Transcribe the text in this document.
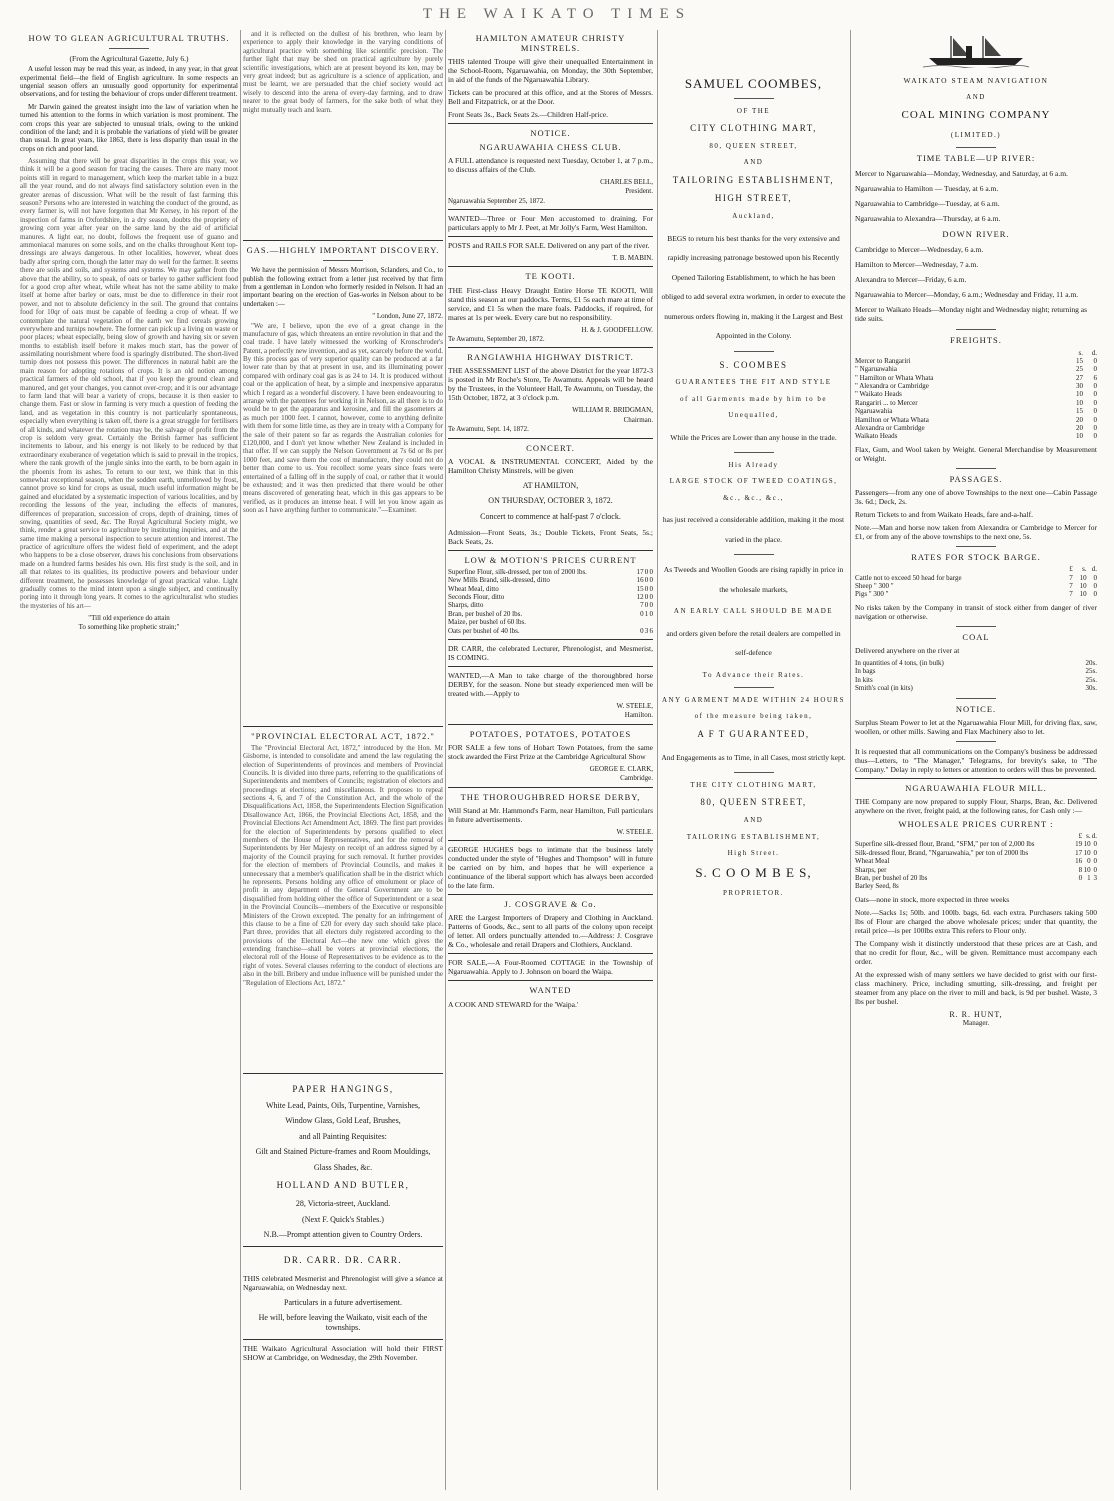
THE WAIKATO TIMES
HOW TO GLEAN AGRICULTURAL TRUTHS.
(From the Agricultural Gazette, July 6.)

A useful lesson may be read this year, as indeed, in any year, in that great experimental field—the field of English agriculture. In some respects an ungenial season offers an unusually good opportunity for experimental observations, and for testing the behaviour of crops under different treatment.

Mr Darwin gained the greatest insight into the law of variation when he turned his attention to the forms in which variation is most prominent. The corn crops this year are subjected to unusual trials, owing to the unkind condition of the land; and it is probable the variations of yield will be greater than usual. In great years, like 1863, there is less disparity than usual in the crops on rich and poor land.

Assuming that there will be great disparities in the crops this year, we think it will be a good season for tracing the causes. There are many moot points still in regard to management, which keep the market table in a buzz all the year round, and do not always find satisfactory solution even in the greater arenas of discussion. What will be the result of fast farming this season? Persons who are interested in watching the conduct of the ground, as every farmer is, will not have forgotten that Mr Kersey, in his report of the inspection of farms in Oxfordshire, in a dry season, doubts the propriety of growing corn year after year on the same land by the aid of artificial manures. A light ear, no doubt, follows the frequent use of guano and ammoniacal manures on some soils, and on the chalks throughout Kent top-dressings are always dangerous. In other localities, however, wheat does badly after spring corn, though the latter may do well for the farmer. It seems there are soils and soils, and systems and systems. We may gather from the above that the ability, so to speak, of oats or barley to gather sufficient food for a good crop after wheat, while wheat has not the same ability to make itself at home after barley or oats, must be due to difference in their root power, and not to absolute deficiency in the soil. The ground that contains food for 10qr of oats must be capable of feeding a crop of wheat. If we contemplate the natural vegetation of the earth we find cereals growing everywhere and turnips nowhere. The former can pick up a living on waste or poor places; wheat especially, being slow of growth and having six or seven months to establish itself before it makes much start, has the power of assimilating nourishment where food is sparingly distributed. The short-lived turnip does not possess this power. The differences in natural habit are the main reason for adopting rotations of crops. It is an old notion among practical farmers of the old school, that if you keep the ground clean and manured, and get your changes, you cannot over-crop; and it is our advantage to farm land that will bear a variety of crops, because it is then easier to change them. Fast or slow in farming is very much a question of feeding the land, and as vegetation in this country is not particularly spontaneous, especially when everything is taken off, there is a great struggle for fertilisers of all kinds, and whatever the rotation may be, the salvage of profit from the crop is seldom very great. Certainly the British farmer has sufficient incitements to labour, and his energy is not likely to be reduced by that extraordinary exuberance of vegetation which is said to prevail in the tropics, where the rank growth of the jungle sinks into the earth, to be born again in the phoenix from its ashes. To return to our text, we think that in this somewhat exceptional season, when the sodden earth, unmellowed by frost, cannot prove so kind for crops as usual, much useful information might be gained and elucidated by a systematic inspection of various localities, and by recording the lessons of the year, including the effects of manures, differences of preparation, succession of crops, depth of draining, times of sowing, quantities of seed, &c. The Royal Agricultural Society might, we think, render a great service to agriculture by instituting inquiries, and at the same time making a personal inspection to secure attention and interest. The practice of agriculture offers the widest field of experiment, and the adept who happens to be a close observer, draws his conclusions from observations made on a hundred farms besides his own. His first study is the soil, and in all that relates to its qualities, its productive powers and behaviour under different treatment, he possesses knowledge of great practical value. Light gradually comes to the mind intent upon a single subject, and continually poring into it through long years. It comes to the agriculturalist who studies the mysteries of his art—

"Till old experience do attain
To something like prophetic strain;"

and it is reflected on the dullest of his brethren, who learn by experience to apply their knowledge in the varying conditions of agricultural practice with something like scientific precision. The further light that may be shed on practical agriculture by purely scientific investigations, which are at present beyond its ken, may be very great indeed; but as agriculture is a science of application, and must be learnt, we are persuaded that the chief society would act wisely to descend into the arena of every-day farming, and to draw nearer to the great body of farmers, for the sake both of what they might mutually teach and learn.

GAS.—HIGHLY IMPORTANT DISCOVERY.

We have the permission of Messrs Morrison, Sclanders, and Co., to publish the following extract from a letter just received by that firm from a gentleman in London who formerly resided in Nelson. It had an important bearing on the erection of Gas-works in Nelson about to be undertaken :—

" London, June 27, 1872.

"We are, I believe, upon the eve of a great change in the manufacture of gas, which threatens an entire revolution in that and the coal trade. I have lately witnessed the working of Kronschroder's Patent, a perfectly new invention, and as yet, scarcely before the world. By this process gas of very superior quality can be produced at a far lower rate than by that at present in use, and its illuminating power compared with ordinary coal gas is as 24 to 14. It is produced without coal or the application of heat, by a simple and inexpensive apparatus which I regard as a wonderful discovery. I have been endeavouring to arrange with the patentees for working it in Nelson, as all there is to do would be to get the apparatus and kerosine, and fill the gasometers at as much per 1000 feet. I cannot, however, come to anything definite with them for some little time, as they are in treaty with a Company for the sale of their patent so far as regards the Australian colonies for £120,000, and I don't yet know whether New Zealand is included in that offer. If we can supply the Nelson Government at 7s 6d or 8s per 1000 feet, and save them the cost of manufacture, they could not do better than come to us. You recollect some years since fears were entertained of a falling off in the supply of coal, or rather that it would be exhausted; and it was then predicted that there would be other means discovered of generating heat, which in this gas appears to be verified, as it produces an intense heat. I will let you know again as soon as I have anything further to communicate."—Examiner.

"PROVINCIAL ELECTORAL ACT, 1872."

The "Provincial Electoral Act, 1872," introduced by the Hon. Mr Gisborne, is intended to consolidate and amend the law regulating the election of Superintendents of provinces and members of Provincial Councils. It is divided into three parts, referring to the qualifications of Superintendents and members of Councils; registration of electors and proceedings at elections; and miscellaneous. It proposes to repeal sections 4, 6, and 7 of the Constitution Act, and the whole of the Disqualifications Act, 1858, the Superintendents Election Signification Disallowance Act, 1866, the Provincial Elections Act, 1858, and the Provincial Elections Act Amendment Act, 1869. The first part provides for the election of Superintendents by persons qualified to elect members of the House of Representatives, and for the removal of Superintendents by Her Majesty on receipt of an address signed by a majority of the Council praying for such removal. It further provides for the election of members of Provincial Councils, and makes it unnecessary that a member's qualification shall be in the district which he represents. Persons holding any office of emolument or place of profit in any department of the General Government are to be disqualified from holding either the office of Superintendent or a seat in the Provincial Councils—members of the Executive or responsible Ministers of the Crown excepted. The penalty for an infringement of this clause to be a fine of £20 for every day such should take place. Part three, provides that all electors duly registered according to the provisions of the Electoral Act—the new one which gives the extending franchise—shall be voters at provincial elections, the electoral roll of the House of Representatives to be evidence as to the right of votes. Several clauses referring to the conduct of elections are also in the bill. Bribery and undue influence will be punished under the "Regulation of Elections Act, 1872."

PAPER HANGINGS,
White Lead, Paints, Oils, Turpentine, Varnishes,
Window Glass, Gold Leaf, Brushes,
and all Painting Requisites:
Gilt and Stained Picture-frames and Room Mouldings,
Glass Shades, &c.
HOLLAND AND BUTLER,
28, Victoria-street, Auckland.
(Next F. Quick's Stables.)
N.B.—Prompt attention given to Country Orders.
DR. CARR. DR. CARR.

THIS celebrated Mesmerist and Phrenologist will give a séance at Ngaruawahia, on Wednesday next.

Particulars in a future advertisement.
He will, before leaving the Waikato, visit each of the townships.

THE Waikato Agricultural Association will hold their FIRST SHOW at Cambridge, on Wednesday, the 29th November.

HAMILTON AMATEUR CHRISTY MINSTRELS.

THIS talented Troupe will give their unequalled Entertainment in the School-Room, Ngaruawahia, on Monday, the 30th September, in aid of the funds of the Ngaruawahia Library.

Tickets can be procured at this office, and at the Stores of Messrs. Bell and Fitzpatrick, or at the Door.

Front Seats 3s., Back Seats 2s.—Children Half-price.

NOTICE.
NGARUAWAHIA CHESS CLUB.

A FULL attendance is requested next Tuesday, October 1, at 7 p.m., to discuss affairs of the Club.

CHARLES BELL,
President.
Ngaruawahia September 25, 1872.

WANTED—Three or Four Men accustomed to draining. For particulars apply to Mr J. Peet, at Mr Jolly's Farm, West Hamilton.

POSTS and RAILS FOR SALE. Delivered on any part of the river.

T. B. MABIN.
TE KOOTI.

THE First-class Heavy Draught Entire Horse TE KOOTI, Will stand this season at our paddocks. Terms, £1 5s each mare at time of service, and £1 5s when the mare foals. Paddocks, if required, for mares at 1s per week. Every care but no responsibility.

H. & J. GOODFELLOW.
Te Awamutu, September 20, 1872.
RANGIAWHIA HIGHWAY DISTRICT.

THE ASSESSMENT LIST of the above District for the year 1872-3 is posted in Mr Roche's Store, Te Awamutu. Appeals will be heard by the Trustees, in the Volunteer Hall, Te Awamutu, on Tuesday, the 15th October, 1872, at 3 o'clock p.m.

WILLIAM R. BRIDGMAN,
Chairman.
Te Awamutu, Sept. 14, 1872.
CONCERT.

A VOCAL & INSTRUMENTAL CONCERT, Aided by the Hamilton Christy Minstrels, will be given

AT HAMILTON,
ON THURSDAY, OCTOBER 3, 1872.
Concert to commence at half-past 7 o'clock.

Admission—Front Seats, 3s.; Double Tickets, Front Seats, 5s.; Back Seats, 2s.

LOW & MOTION'S PRICES CURRENT
Superfine Flour, silk-dressed, per ton of 2000 lbs.	17	0	0
New Mills Brand, silk-dressed, ditto	16	0	0
Wheat Meal, ditto	15	0	0
Seconds Flour, ditto	12	0	0
Sharps, ditto	7	0	0
Bran, per bushel of 20 lbs.	0	1	0
Maize, per bushel of 60 lbs.			
Oats per bushel of 40 lbs.	0	3	6

DR CARR, the celebrated Lecturer, Phrenologist, and Mesmerist, IS COMING.

WANTED,—A Man to take charge of the thoroughbred horse DERBY, for the season. None but steady experienced men will be treated with.—Apply to

W. STEELE,
Hamilton.
POTATOES, POTATOES, POTATOES

FOR SALE a few tons of Hobart Town Potatoes, from the same stock awarded the First Prize at the Cambridge Agricultural Show

GEORGE E. CLARK,
Cambridge.
THE THOROUGHBRED HORSE DERBY,

Will Stand at Mr. Hammond's Farm, near Hamilton, Full particulars in future advertisements.

W. STEELE.

GEORGE HUGHES begs to intimate that the business lately conducted under the style of "Hughes and Thompson" will in future be carried on by him, and hopes that he will experience a continuance of the liberal support which has always been accorded to the late firm.

J. COSGRAVE & Co.

ARE the Largest Importers of Drapery and Clothing in Auckland. Patterns of Goods, &c., sent to all parts of the colony upon receipt of letter. All orders punctually attended to.—Address: J. Cosgrave & Co., wholesale and retail Drapers and Clothiers, Auckland.

FOR SALE,—A Four-Roomed COTTAGE in the Township of Ngaruawahia. Apply to J. Johnson on board the Waipa.

WANTED

A COOK AND STEWARD for the 'Waipa.'

SAMUEL COOMBES,
OF THE
CITY CLOTHING MART,
80, QUEEN STREET,
AND
TAILORING ESTABLISHMENT,
HIGH STREET,
Auckland,

BEGS to return his best thanks for the very extensive and rapidly increasing patronage bestowed upon his Recently Opened Tailoring Establishment, to which he has been obliged to add several extra workmen, in order to execute the numerous orders flowing in, making it the Largest and Best Appointed in the Colony.

S. COOMBES
GUARANTEES THE FIT AND STYLE
of all Garments made by him to be
Unequalled,

While the Prices are Lower than any house in the trade.

His Already
LARGE STOCK OF TWEED COATINGS,
&c., &c., &c.,

has just received a considerable addition, making it the most varied in the place.

As Tweeds and Woollen Goods are rising rapidly in price in the wholesale markets,

AN EARLY CALL SHOULD BE MADE

and orders given before the retail dealers are compelled in self-defence

To Advance their Rates.
ANY GARMENT MADE WITHIN 24 HOURS
of the measure being taken,
A F T GUARANTEED,

And Engagements as to Time, in all Cases, most strictly kept.

THE CITY CLOTHING MART,
80, QUEEN STREET,
AND
TAILORING ESTABLISHMENT,
High Street.
S. C O O M B E S,
PROPRIETOR.
WAIKATO STEAM NAVIGATION
AND
COAL MINING COMPANY
(LIMITED.)
TIME TABLE—UP RIVER:
Mercer to Ngaruawahia—Monday, Wednesday, and Saturday, at 6 a.m.
Ngaruawahia to Hamilton — Tuesday, at 6 a.m.
Ngaruawahia to Cambridge—Tuesday, at 6 a.m.
Ngaruawahia to Alexandra—Thursday, at 6 a.m.
DOWN RIVER.
Cambridge to Mercer—Wednesday, 6 a.m.
Hamilton to Mercer—Wednesday, 7 a.m.
Alexandra to Mercer—Friday, 6 a.m.
Ngaruawahia to Mercer—Monday, 6 a.m.; Wednesday and Friday, 11 a.m.
Mercer to Waikato Heads—Monday night and Wednesday night; returning as tide suits.
FREIGHTS.
	s.	d.
Mercer to Rangariri	15	0
" Ngaruawahia	25	0
" Hamilton or Whata Whata	27	6
" Alexandra or Cambridge	30	0
" Waikato Heads	10	0
Rangariri ... to Mercer	10	0
Ngaruawahia	15	0
Hamilton or Whata Whata	20	0
Alexandra or Cambridge	20	0
Waikato Heads	10	0

Flax, Gum, and Wool taken by Weight. General Merchandise by Measurement or Weight.

PASSAGES.

Passengers—from any one of above Townships to the next one—Cabin Passage 3s. 6d.; Deck, 2s.

Return Tickets to and from Waikato Heads, fare and-a-half.

Note.—Man and horse now taken from Alexandra or Cambridge to Mercer for £1, or from any of the above townships to the next one, 5s.

RATES FOR STOCK BARGE.
	£	s.	d.
Cattle not to exceed 50 head for barge	7	10	0
Sheep " 300 "	7	10	0
Pigs " 300 "	7	10	0

No risks taken by the Company in transit of stock either from danger of river navigation or otherwise.

COAL
Delivered anywhere on the river at
In quantities of 4 tons, (in bulk)	20s.
In bags	25s.
In kits	25s.
Smith's coal (in kits)	30s.
NOTICE.

Surplus Steam Power to let at the Ngaruawahia Flour Mill, for driving flax, saw, woollen, or other mills. Sawing and Flax Machinery also to let.

It is requested that all communications on the Company's business be addressed thus—Letters, to "The Manager," Telegrams, for brevity's sake, to "The Company." Delay in reply to letters or attention to orders will thus be prevented.

NGARUAWAHIA FLOUR MILL.

THE Company are now prepared to supply Flour, Sharps, Bran, &c. Delivered anywhere on the river, freight paid, at the following rates, for Cash only :—

WHOLESALE PRICES CURRENT :
	£	s.	d.
Superfine silk-dressed flour, Brand, "SFM," per ton of 2,000 lbs	19	10	0
Silk-dressed flour, Brand, "Ngaruawahia," per ton of 2000 lbs	17	10	0
Wheat Meal	16	0	0
Sharps, per	8	10	0
Bran, per bushel of 20 lbs	0	1	3
Barley Seed, 8s			

Oats—none in stock, more expected in three weeks

Note.—Sacks 1s; 50lb. and 100lb. bags, 6d. each extra. Purchasers taking 500 lbs of Flour are charged the above wholesale prices; under that quantity, the retail price—is per 100lbs extra This refers to Flour only.

The Company wish it distinctly understood that these prices are at Cash, and that no credit for flour, &c., will be given. Remittance must accompany each order.

At the expressed wish of many settlers we have decided to grist with our first-class machinery. Price, including smutting, silk-dressing, and freight per steamer from any place on the river to mill and back, is 9d per bushel. Waste, 3 lbs per bushel.

R. R. HUNT,
Manager.
